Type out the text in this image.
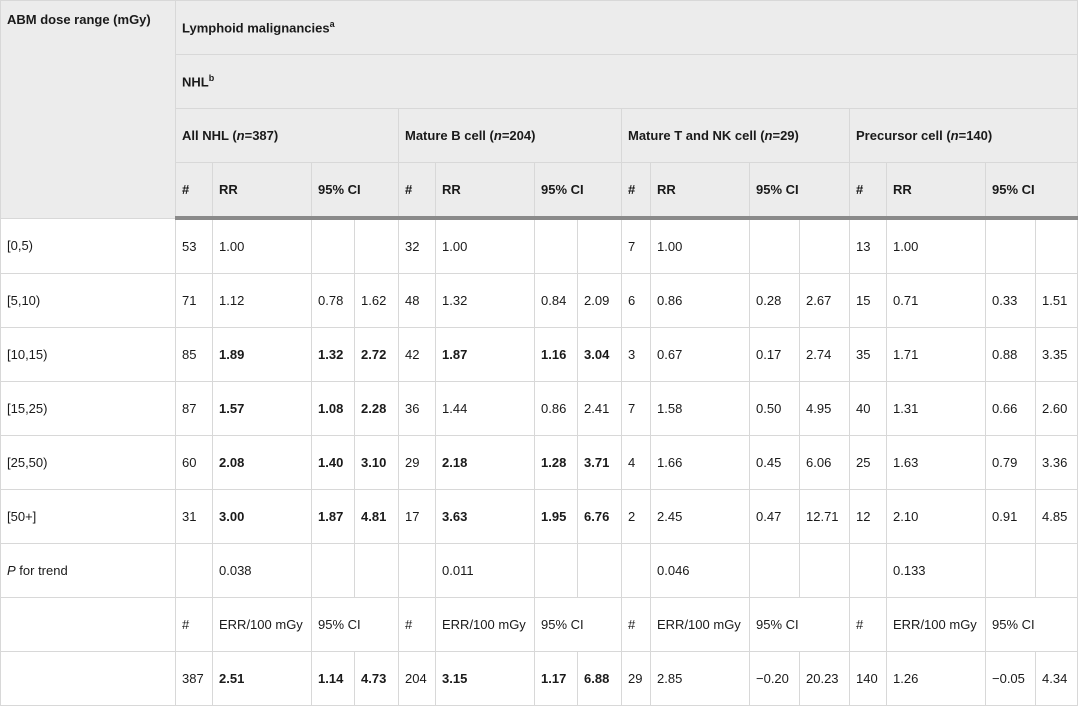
ABM dose range (mGy)	Lymphoid malignancies$^a$
	NHL$^b$
	All NHL (n=387)				Mature B cell (n=204)				Mature T and NK cell (n=29)				Precursor cell (n=140)			
	#	RR	95% CI		#	RR	95% CI		#	RR	95% CI		#	RR	95% CI	
[0,5)	53	1.00			32	1.00			7	1.00			13	1.00		
[5,10)	71	1.12	0.78	1.62	48	1.32	0.84	2.09	6	0.86	0.28	2.67	15	0.71	0.33	1.51
[10,15)	85	1.89	1.32	2.72	42	1.87	1.16	3.04	3	0.67	0.17	2.74	35	1.71	0.88	3.35
[15,25)	87	1.57	1.08	2.28	36	1.44	0.86	2.41	7	1.58	0.50	4.95	40	1.31	0.66	2.60
[25,50)	60	2.08	1.40	3.10	29	2.18	1.28	3.71	4	1.66	0.45	6.06	25	1.63	0.79	3.36
[50+]	31	3.00	1.87	4.81	17	3.63	1.95	6.76	2	2.45	0.47	12.71	12	2.10	0.91	4.85
P for trend		0.038				0.011				0.046				0.133		
	#	ERR/100 mGy	95% CI		#	ERR/100 mGy	95% CI		#	ERR/100 mGy	95% CI		#	ERR/100 mGy	95% CI	
	387	2.51	1.14	4.73	204	3.15	1.17	6.88	29	2.85	−0.20	20.23	140	1.26	−0.05	4.34
